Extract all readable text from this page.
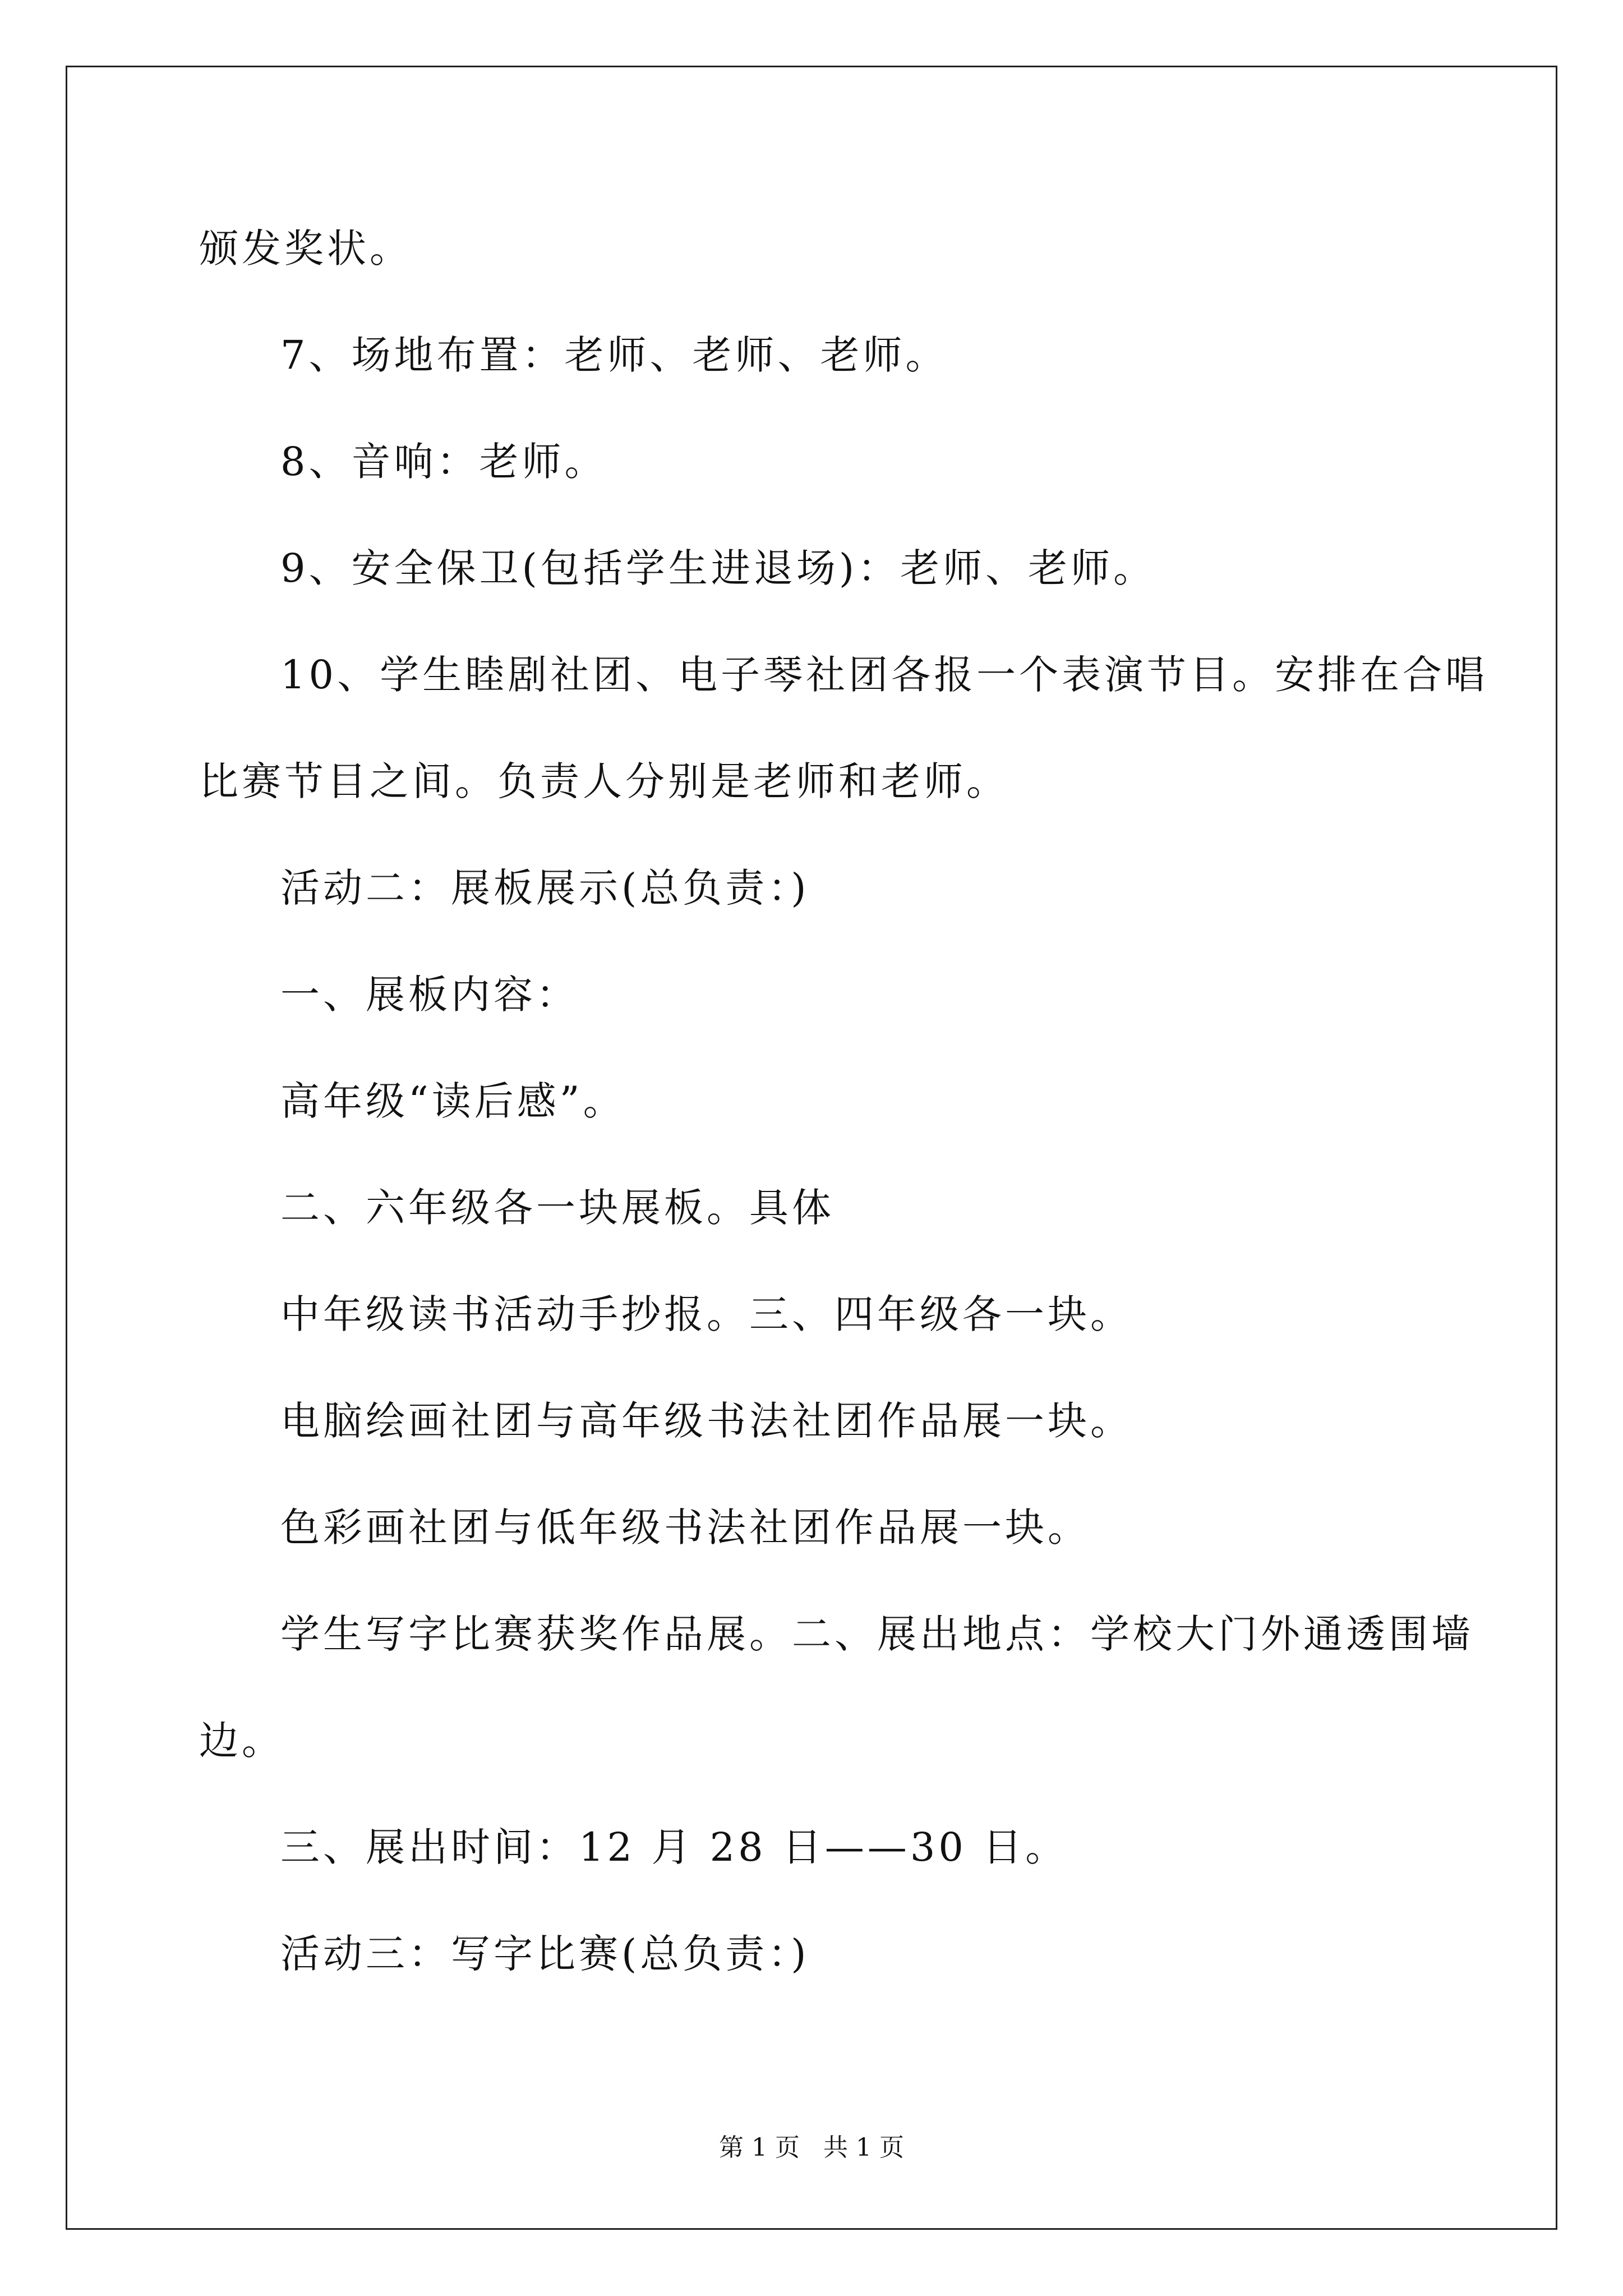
颁发奖状。
7、场地布置：老师、老师、老师。
8、音响：老师。
9、安全保卫(包括学生进退场)：老师、老师。
10、学生睦剧社团、电子琴社团各报一个表演节目。安排在合唱
比赛节目之间。负责人分别是老师和老师。
活动二：展板展示(总负责：)
一、展板内容：
高年级“读后感”。
二、六年级各一块展板。具体
中年级读书活动手抄报。三、四年级各一块。
电脑绘画社团与高年级书法社团作品展一块。
色彩画社团与低年级书法社团作品展一块。
学生写字比赛获奖作品展。二、展出地点：学校大门外通透围墙
边。
三、展出时间：12 月 28 日——30 日。
活动三：写字比赛(总负责：)
第 1 页   共 1 页
